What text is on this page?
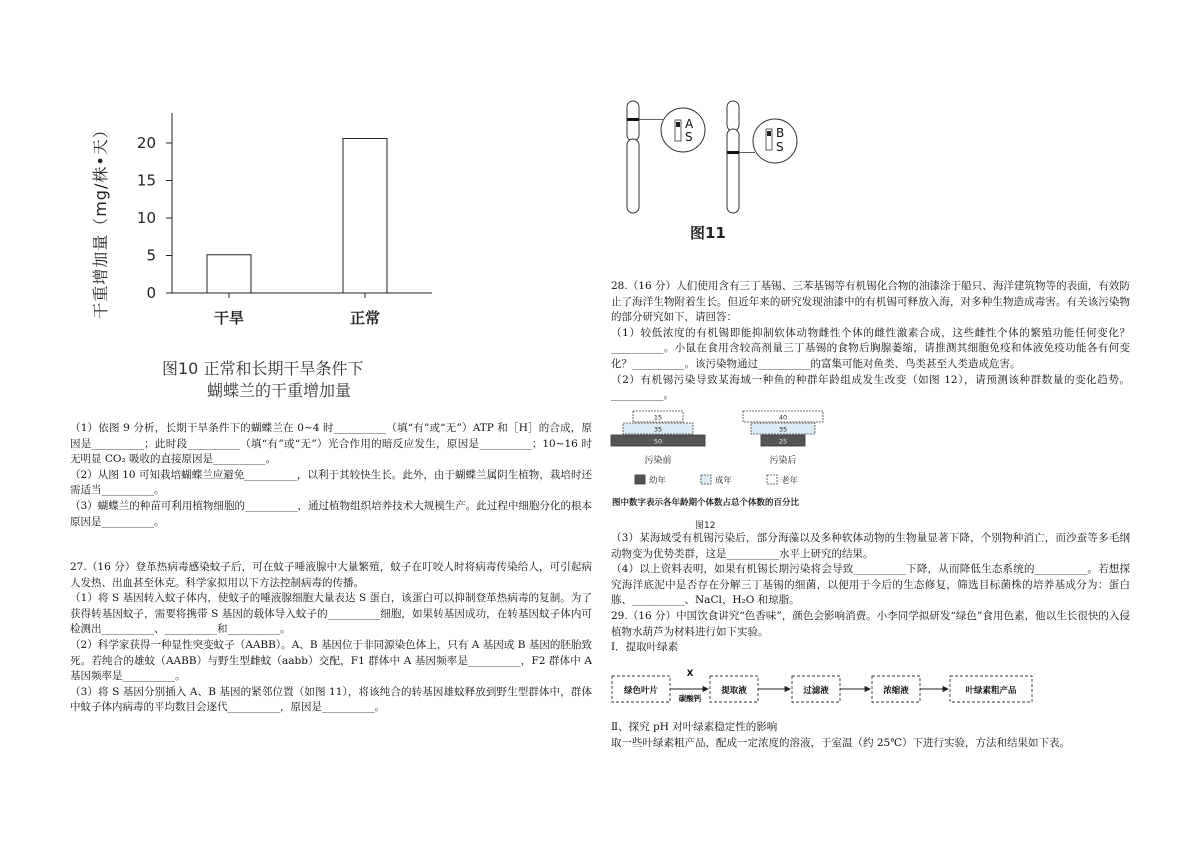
0
5
10
15
20
干旱	正常
干重增加量（mg/株•天）
图10 正常和长期干旱条件下
蝴蝶兰的干重增加量

（1）依图 9 分析，长期干旱条件下的蝴蝶兰在 0~4 时__________（填“有”或“无”）ATP 和［H］的合成，原因是__________；此时段__________（填“有”或“无”）光合作用的暗反应发生，原因是__________；10~16 时无明显 CO₂ 吸收的直接原因是__________。

（2）从图 10 可知栽培蝴蝶兰应避免__________，以利于其较快生长。此外，由于蝴蝶兰属阴生植物，栽培时还需适当__________。

（3）蝴蝶兰的种苗可利用植物细胞的__________，通过植物组织培养技术大规模生产。此过程中细胞分化的根本原因是__________。

27.（16 分）登革热病毒感染蚊子后，可在蚊子唾液腺中大量繁殖，蚊子在叮咬人时将病毒传染给人，可引起病人发热、出血甚至休克。科学家拟用以下方法控制病毒的传播。

（1）将 S 基因转入蚊子体内，使蚊子的唾液腺细胞大量表达 S 蛋白，该蛋白可以抑制登革热病毒的复制。为了获得转基因蚊子，需要将携带 S 基因的载体导入蚊子的__________细胞，如果转基因成功，在转基因蚊子体内可检测出__________、__________和__________。

（2）科学家获得一种显性突变蚊子（AABB）。A、B 基因位于非同源染色体上，只有 A 基因或 B 基因的胚胎致死。若纯合的雄蚊（AABB）与野生型雌蚊（aabb）交配，F1 群体中 A 基因频率是__________，F2 群体中 A 基因频率是__________。

（3）将 S 基因分别插入 A、B 基因的紧邻位置（如图 11），将该纯合的转基因雄蚊释放到野生型群体中，群体中蚊子体内病毒的平均数目会逐代__________，原因是__________。

A
S	B
S
图11

28.（16 分）人们使用含有三丁基锡、三苯基锡等有机锡化合物的油漆涂于船只、海洋建筑物等的表面，有效防止了海洋生物附着生长。但近年来的研究发现油漆中的有机锡可释放入海，对多种生物造成毒害。有关该污染物的部分研究如下，请回答：

（1）较低浓度的有机锡即能抑制软体动物雌性个体的雌性激素合成，这些雌性个体的繁殖功能任何变化？__________。小鼠在食用含较高剂量三丁基锡的食物后胸腺萎缩，请推测其细胞免疫和体液免疫功能各有何变化？__________。该污染物通过__________的富集可能对鱼类、鸟类甚至人类造成危害。

（2）有机锡污染导致某海域一种鱼的种群年龄组成发生改变（如图 12），请预测该种群数量的变化趋势。__________。

15
35
50
污染前
40
35
25
污染后
幼年	成年	老年
图中数字表示各年龄期个体数占总个体数的百分比
图12

（3）某海域受有机锡污染后，部分海藻以及多种软体动物的生物量显著下降，个别物种消亡，而沙蚕等多毛纲动物变为优势类群，这是__________水平上研究的结果。

（4）以上资料表明，如果有机锡长期污染将会导致__________下降，从而降低生态系统的__________。若想探究海洋底泥中是否存在分解三丁基锡的细菌，以便用于今后的生态修复，筛选目标菌株的培养基成分为：蛋白胨、__________、NaCl、H₂O 和琼脂。

29.（16 分）中国饮食讲究“色香味”，颜色会影响消费。小李同学拟研发“绿色”食用色素，他以生长很快的入侵植物水葫芦为材料进行如下实验。

Ⅰ．提取叶绿素

绿色叶片
X
碳酸钙
提取液	过滤液	浓缩液	叶绿素粗产品

Ⅱ、探究 pH 对叶绿素稳定性的影响

取一些叶绿素粗产品，配成一定浓度的溶液，于室温（约 25℃）下进行实验，方法和结果如下表。
